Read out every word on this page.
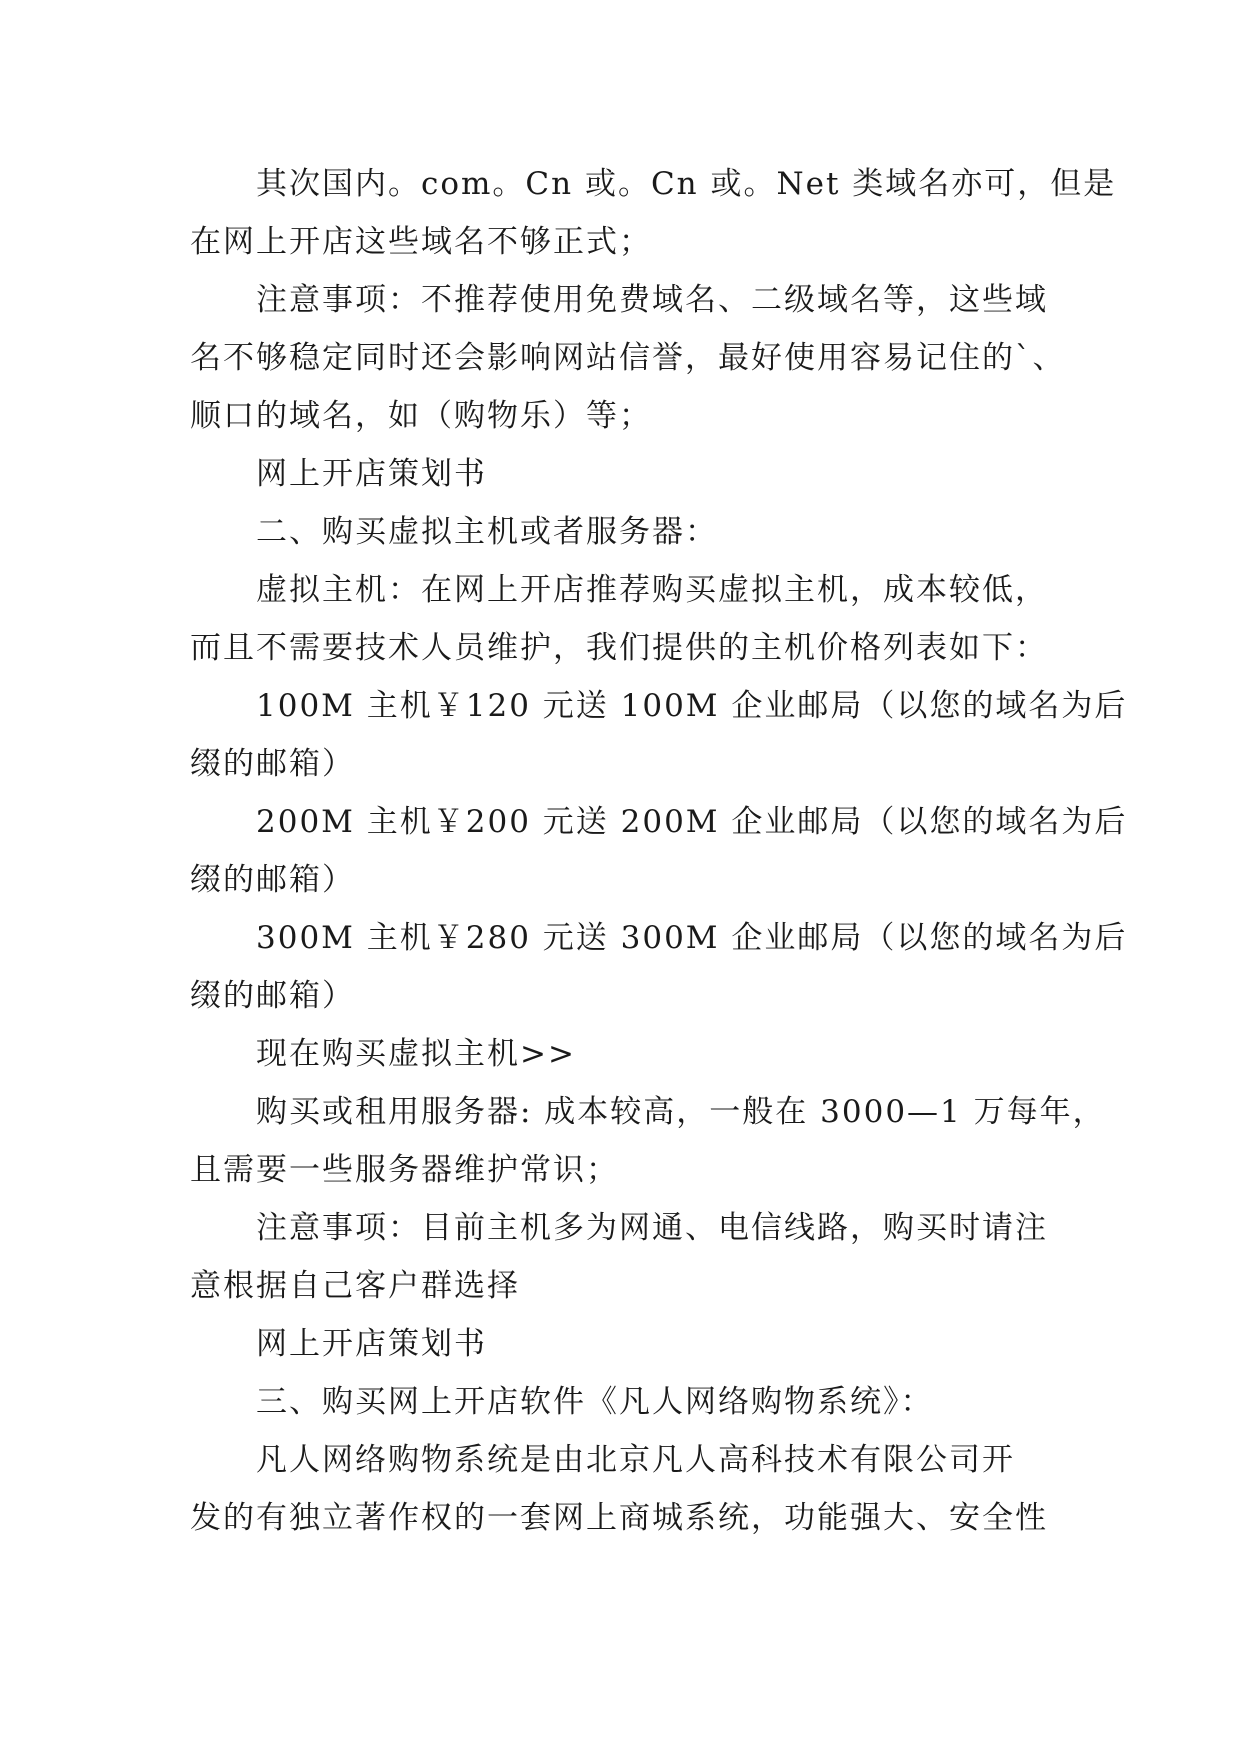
其次国内。com。Cn 或。Cn 或。Net 类域名亦可，但是
在网上开店这些域名不够正式；
注意事项：不推荐使用免费域名、二级域名等，这些域
名不够稳定同时还会影响网站信誉，最好使用容易记住的`、
顺口的域名，如（购物乐）等；
网上开店策划书
二、购买虚拟主机或者服务器：
虚拟主机：在网上开店推荐购买虚拟主机，成本较低，
而且不需要技术人员维护，我们提供的主机价格列表如下：
100M 主机￥120 元送 100M 企业邮局（以您的域名为后
缀的邮箱）
200M 主机￥200 元送 200M 企业邮局（以您的域名为后
缀的邮箱）
300M 主机￥280 元送 300M 企业邮局（以您的域名为后
缀的邮箱）
现在购买虚拟主机>>
购买或租用服务器: 成本较高，一般在 3000—1 万每年，
且需要一些服务器维护常识；
注意事项：目前主机多为网通、电信线路，购买时请注
意根据自己客户群选择
网上开店策划书
三、购买网上开店软件《凡人网络购物系统》：
凡人网络购物系统是由北京凡人高科技术有限公司开
发的有独立著作权的一套网上商城系统，功能强大、安全性
